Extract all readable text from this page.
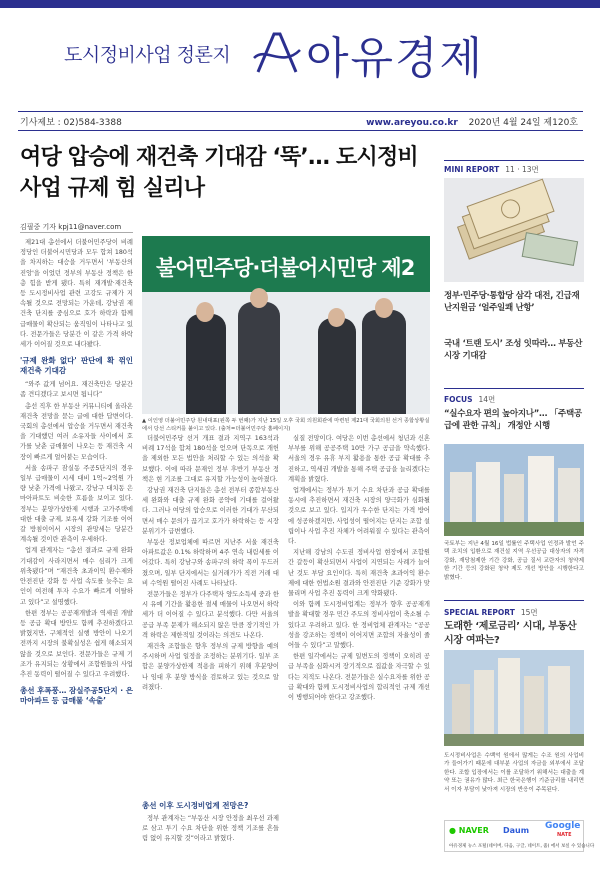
도시정비사업 정론지 아유경제
기사제보 : 02)584-3388	www.areyou.co.kr 2020년 4월 24일 제120호
여당 압승에 재건축 기대감 ‘뚝’… 도시정비
사업 규제 힘 실리나
김필중 기자 kpj11@naver.com

제21대 총선에서 더불어민주당이 비례정당인 더불어시민당과 모두 합쳐 180석을 차지하는 대승을 거두면서 '부동산의 진앙'을 이었던 정부의 부동산 정책은 한층 힘을 받게 됐다. 특히 재개발·재건축 등 도시정비사업 관련 고강도 규제가 지속될 것으로 전망되는 가운데, 강남권 재건축 단지를 중심으로 호가 하락과 함께 급매물이 확산되는 움직임이 나타나고 있다. 전문가들은 당분간 이 같은 가격 하락세가 이어질 것으로 내다봤다.

'규제 완화 없다' 판단에 확 꺾인 재건축 기대감

“와주 값게 넘어요. 재건축만은 당분간 좀 견디겠다고 보시면 됩니다”

총선 직후 한 부동산 커뮤니티에 올라온 재건축 전망을 묻는 글에 대한 답변이다. 국회의 총선에서 압승을 거두면서 재건축을 기대했던 여러 소유자들 사이에서 호가를 낮춘 급매물이 나오는 등 재건축 시장이 빠르게 얼어붙는 모습이다.

서울 송파구 잠실동 주공5단지의 경우 일부 급매물이 시세 대비 1억~2억원 가량 낮춘 가격에 나왔고, 강남구 대치동 은마아파트도 비슷한 흐름을 보이고 있다. 정부는 분양가상한제 시행과 고가주택에 대한 대출 규제, 보유세 강화 기조를 이어갈 방침이어서 시장의 관망세는 당분간 계속될 것이란 관측이 우세하다.

업계 관계자는 “총선 결과로 규제 완화 기대감이 사라지면서 매수 심리가 크게 위축됐다”며 “재건축 초과이익 환수제와 안전진단 강화 등 사업 속도를 늦추는 요인이 여전해 투자 수요가 빠르게 이탈하고 있다”고 설명했다.

한편 정부는 공공재개발과 역세권 개발 등 공급 확대 방안도 함께 추진하겠다고 밝혔지만, 구체적인 실행 방안이 나오기 전까지 시장의 불확실성은 쉽게 해소되지 않을 것으로 보인다. 전문가들은 규제 기조가 유지되는 상황에서 조합원들의 사업 추진 동력이 떨어질 수 있다고 우려했다.

총선 후폭풍… 잠실주공5단지 · 은마아파트 등 급매물 ‘속출’
불어민주당·더불어시민당 제2
▲ 이인영 더불어민주당 원내대표(왼쪽 두 번째)가 지난 15일 오후 국회 의원회관에 마련된 제21대 국회의원 선거 종합상황실에서 당선 스티커를 붙이고 있다. (출처=더불어민주당 홈페이지)

더불어민주당 선거 개표 결과 지역구 163석과 비례 17석을 합쳐 180석을 얻으며 단독으로 개헌을 제외한 모든 법안을 처리할 수 있는 의석을 확보했다. 이에 따라 문재인 정부 후반기 부동산 정책은 현 기조를 그대로 유지할 가능성이 높아졌다.

강남권 재건축 단지들은 총선 전부터 종합부동산세 완화와 대출 규제 완화 공약에 기대를 걸어왔다. 그러나 여당의 압승으로 이러한 기대가 무산되면서 매수 문의가 끊기고 호가가 하락하는 등 시장 분위기가 급변했다.

부동산 정보업체에 따르면 지난주 서울 재건축 아파트값은 0.1% 하락하며 4주 연속 내림세를 이어갔다. 특히 강남구와 송파구의 하락 폭이 두드러졌으며, 일부 단지에서는 실거래가가 직전 거래 대비 수억원 떨어진 사례도 나타났다.

전문가들은 정부가 다주택자 양도소득세 중과 한시 유예 기간을 활용한 절세 매물이 나오면서 하락세가 더 이어질 수 있다고 분석했다. 다만 서울의 공급 부족 문제가 해소되지 않은 만큼 장기적인 가격 하락은 제한적일 것이라는 의견도 나온다.

재건축 조합들은 향후 정부의 규제 방향을 예의주시하며 사업 일정을 조정하는 분위기다. 일부 조합은 분양가상한제 적용을 피하기 위해 후분양이나 임대 후 분양 방식을 검토하고 있는 것으로 알려졌다.

총선 이후 도시정비업계 전망은?

정부 관계자는 “부동산 시장 안정을 최우선 과제로 삼고 투기 수요 차단을 위한 정책 기조를 흔들림 없이 유지할 것”이라고 밝혔다.

실질 전망이다. 여당은 이번 총선에서 청년과 신혼부부를 위해 공공주택 10만 가구 공급을 약속했다. 서울의 경우 유휴 부지 활용을 통한 공급 확대를 추진하고, 역세권 개발을 통해 주택 공급을 늘리겠다는 계획을 밝혔다.

업계에서는 정부가 투기 수요 차단과 공급 확대를 동시에 추진하면서 재건축 시장의 양극화가 심화될 것으로 보고 있다. 입지가 우수한 단지는 가격 방어에 성공하겠지만, 사업성이 떨어지는 단지는 조합 설립이나 사업 추진 자체가 어려워질 수 있다는 관측이다.

지난해 강남의 수도권 정비사업 현장에서 조합원 간 갈등이 확산되면서 사업이 지연되는 사례가 늘어난 것도 부담 요인이다. 특히 재건축 초과이익 환수제에 대한 헌법소원 결과와 안전진단 기준 강화가 맞물리며 사업 추진 동력이 크게 약화됐다.

이와 함께 도시정비업계는 정부가 향후 공공재개발을 확대할 경우 민간 주도의 정비사업이 축소될 수 있다고 우려하고 있다. 한 정비업체 관계자는 “공공성을 강조하는 정책이 이어지면 조합의 자율성이 줄어들 수 있다”고 말했다.

한편 일각에서는 규제 일변도의 정책이 오히려 공급 부족을 심화시켜 장기적으로 집값을 자극할 수 있다는 지적도 나온다. 전문가들은 실수요자를 위한 공급 확대와 함께 도시정비사업의 합리적인 규제 개선이 병행되어야 한다고 강조했다.

MINI REPORT 11 · 13면
정부·민주당·통합당 삼각 대전, 긴급재난지원금 ‘얼주일쾌 난항’
국내 ‘트랜 도시’ 조성 잇따라… 부동산시장 기대감
FOCUS 14면
“실수요자 편의 높아지나”… 「주택공급에 관한 규칙」 개정안 시행
국토부는 지난 4월 16일 법률인 주택사업 인정과 발언 주택 조치의 입환으로 재건설 지역 우선공급 대상자의 자격 강화, 재당첨제한 기간 강화, 공급 질서 교란자의 청약제한 기간 등의 강화된 청약 제도 개선 방안을 시행한다고 밝혔다.
SPECIAL REPORT 15면
도래한 ‘제로금리’ 시대, 부동산 시장 여파는?
도시정비사업은 수백억 원에서 많게는 수조 원의 사업비가 들어가기 때문에 대부분 사업의 자금을 외부에서 조달한다. 조합 입장에서는 이를 조달하기 위해서는 대출을 계약 또는 권유가 많다. 최근 한국은행이 기준금리를 내리면서 이자 부담이 낮아져 시장의 반응이 주목된다.
● NAVER Daum Google
NATE
아유경제 뉴스 포털(네이버, 다음, 구글, 네이트, 줌) 에서 보실 수 있습니다
